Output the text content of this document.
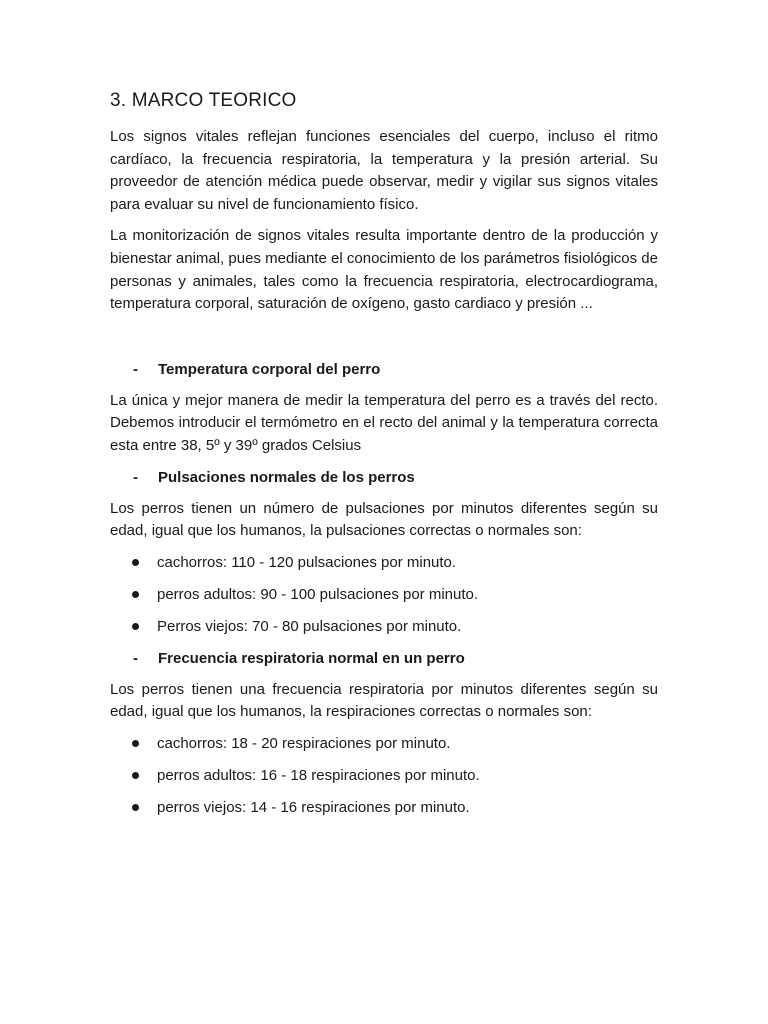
3. MARCO TEORICO

Los signos vitales reflejan funciones esenciales del cuerpo, incluso el ritmo cardíaco, la frecuencia respiratoria, la temperatura y la presión arterial. Su proveedor de atención médica puede observar, medir y vigilar sus signos vitales para evaluar su nivel de funcionamiento físico.

La monitorización de signos vitales resulta importante dentro de la producción y bienestar animal, pues mediante el conocimiento de los parámetros fisiológicos de personas y animales, tales como la frecuencia respiratoria, electrocardiograma, temperatura corporal, saturación de oxígeno, gasto cardiaco y presión ...

-	Temperatura corporal del perro

La única y mejor manera de medir la temperatura del perro es a través del recto. Debemos introducir el termómetro en el recto del animal y la temperatura correcta esta entre 38, 5º y 39º grados Celsius

-	Pulsaciones normales de los perros

Los perros tienen un número de pulsaciones por minutos diferentes según su edad, igual que los humanos, la pulsaciones correctas o normales son:

cachorros: 110 - 120 pulsaciones por minuto.
perros adultos: 90 - 100 pulsaciones por minuto.
Perros viejos: 70 - 80 pulsaciones por minuto.
-	Frecuencia respiratoria normal en un perro

Los perros tienen una frecuencia respiratoria por minutos diferentes según su edad, igual que los humanos, la respiraciones correctas o normales son:

cachorros: 18 - 20 respiraciones por minuto.
perros adultos: 16 - 18 respiraciones por minuto.
perros viejos: 14 - 16 respiraciones por minuto.
